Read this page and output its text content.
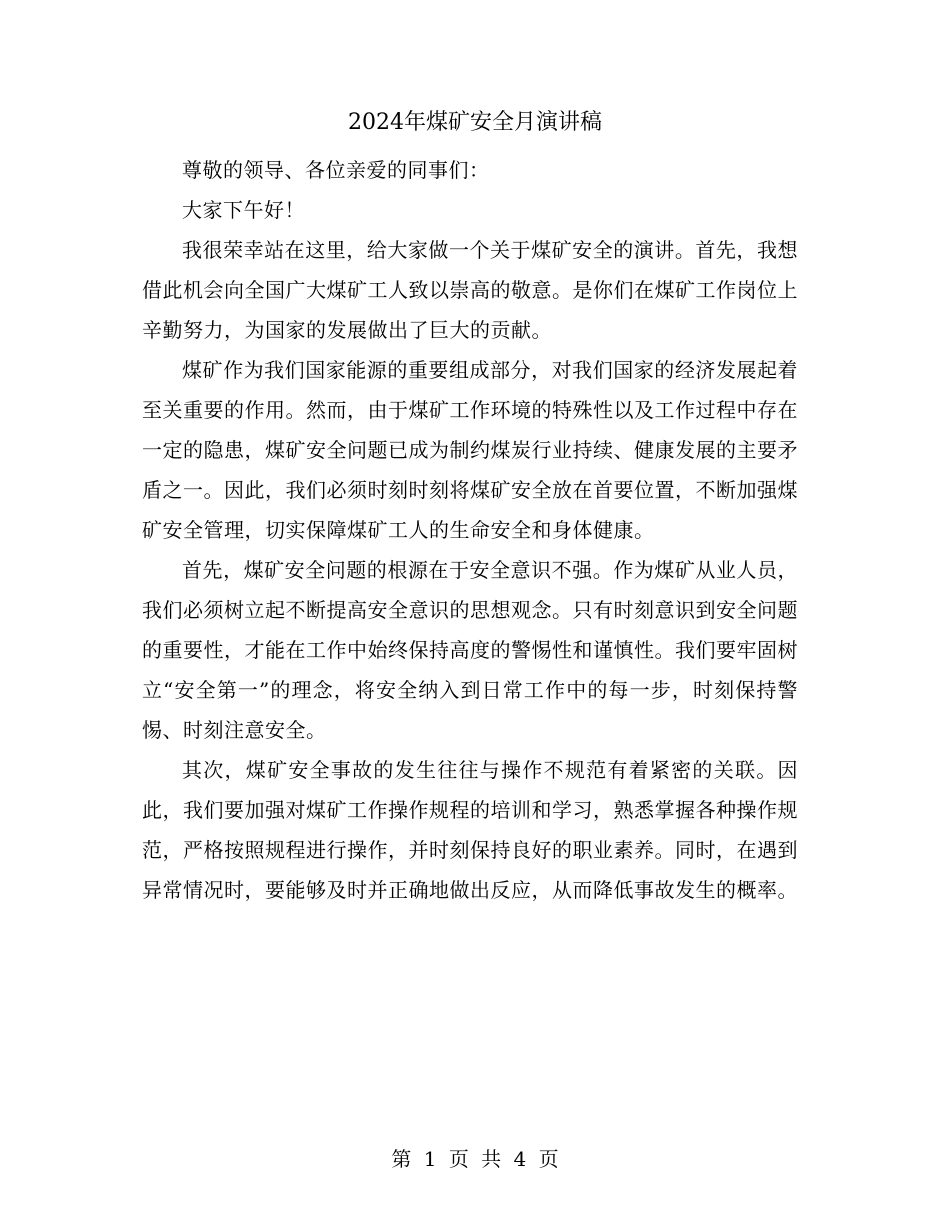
2024年煤矿安全月演讲稿

尊敬的领导、各位亲爱的同事们：

大家下午好！

我很荣幸站在这里，给大家做一个关于煤矿安全的演讲。首先，我想借此机会向全国广大煤矿工人致以崇高的敬意。是你们在煤矿工作岗位上辛勤努力，为国家的发展做出了巨大的贡献。

煤矿作为我们国家能源的重要组成部分，对我们国家的经济发展起着至关重要的作用。然而，由于煤矿工作环境的特殊性以及工作过程中存在一定的隐患，煤矿安全问题已成为制约煤炭行业持续、健康发展的主要矛盾之一。因此，我们必须时刻时刻将煤矿安全放在首要位置，不断加强煤矿安全管理，切实保障煤矿工人的生命安全和身体健康。

首先，煤矿安全问题的根源在于安全意识不强。作为煤矿从业人员，我们必须树立起不断提高安全意识的思想观念。只有时刻意识到安全问题的重要性，才能在工作中始终保持高度的警惕性和谨慎性。我们要牢固树立“安全第一”的理念，将安全纳入到日常工作中的每一步，时刻保持警惕、时刻注意安全。

其次，煤矿安全事故的发生往往与操作不规范有着紧密的关联。因此，我们要加强对煤矿工作操作规程的培训和学习，熟悉掌握各种操作规范，严格按照规程进行操作，并时刻保持良好的职业素养。同时，在遇到异常情况时，要能够及时并正确地做出反应，从而降低事故发生的概率。

第 1 页 共 4 页
